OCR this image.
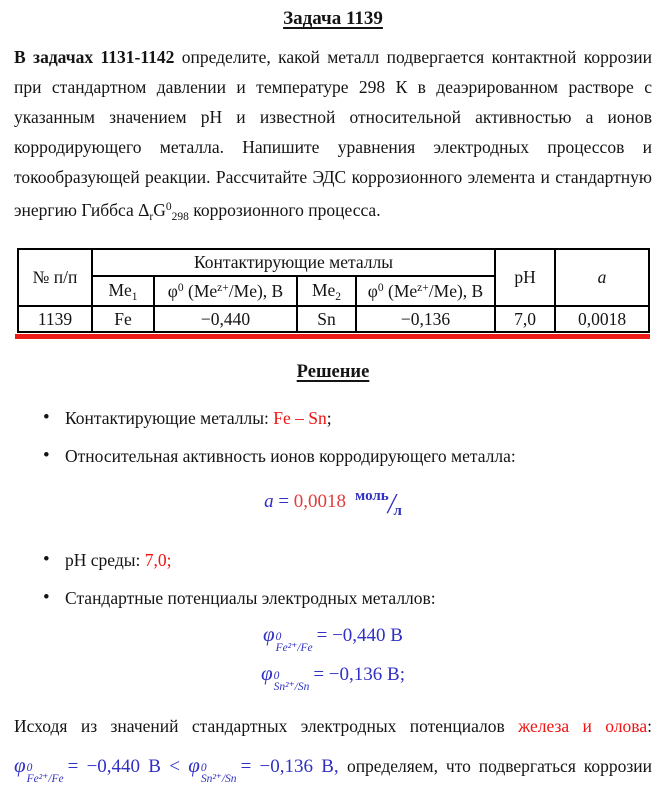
Задача 1139

В задачах 1131-1142 определите, какой металл подвергается контактной коррозии при стандартном давлении и температуре 298 К в деаэрированном растворе с указанным значением pH и известной относительной активностью а ионов корродирующего металла. Напишите уравнения электродных процессов и токообразующей реакции. Рассчитайте ЭДС коррозионного элемента и стандартную энергию Гиббса $\Delta_rG^0_{298}$ коррозионного процесса.

№ п/п	Контактирующие металлы				pH	а
	$Me_1$	$\varphi^0$ $(Me^{z+}/Me)$, В	$Me_2$	$\varphi^0$ $(Me^{z+}/Me)$, В		
1139	Fe	−0,440	Sn	−0,136	7,0	0,0018
Решение
• Контактирующие металлы: Fe – Sn;
• Относительная активность ионов корродирующего металла:
a = 0,0018 моль/л
• pH среды: 7,0;
• Стандартные потенциалы электродных металлов:
φ 0
Fe²⁺/Fe
= −0,440 В
φ 0
Sn²⁺/Sn
= −0,136 В;

Исходя из значений стандартных электродных потенциалов железа и олова:

φ 0
Fe²⁺/Fe
= −0,440 В < φ 0
Sn²⁺/Sn
= −0,136 В, определяем, что подвергаться коррозии
